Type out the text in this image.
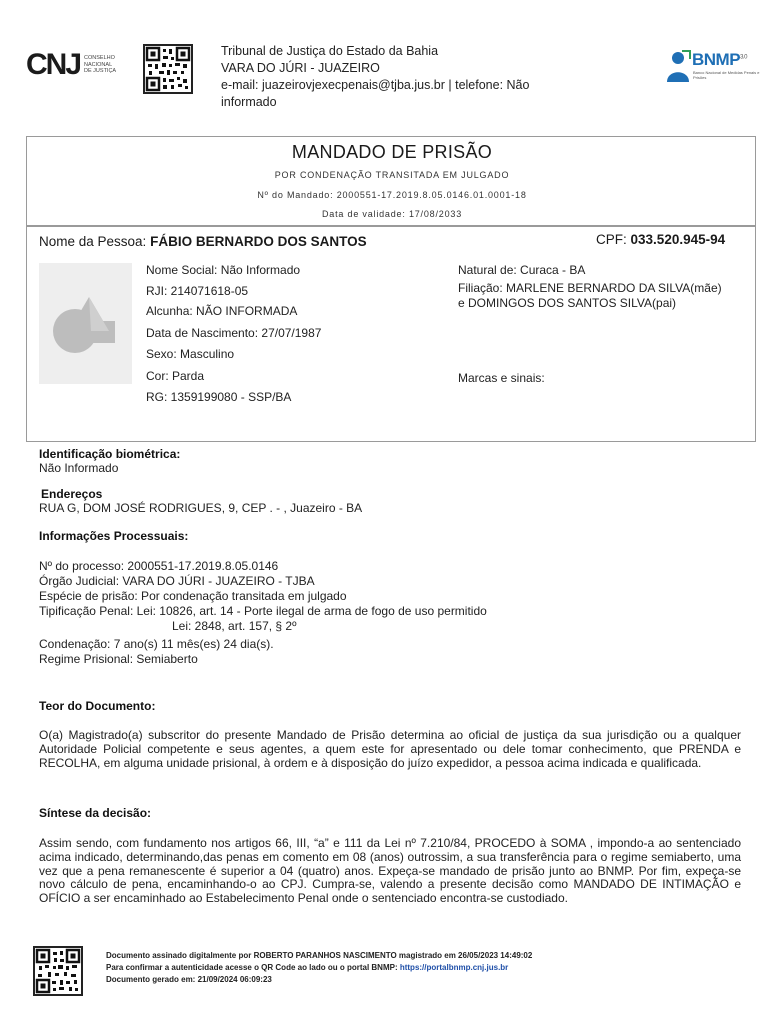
CNJ CONSELHO
NACIONAL
DE JUSTIÇA
Tribunal de Justiça do Estado da Bahia
VARA DO JÚRI - JUAZEIRO
e-mail: juazeirovjexecpenais@tjba.jus.br | telefone: Não
informado
$BNMP^{3.0}$
Banco Nacional de Medidas Penais e Prisões
MANDADO DE PRISÃO
POR CONDENAÇÃO TRANSITADA EM JULGADO
Nº do Mandado: 2000551-17.2019.8.05.0146.01.0001-18
Data de validade: 17/08/2033
Nome da Pessoa: FÁBIO BERNARDO DOS SANTOS	CPF: 033.520.945-94
Nome Social: Não Informado
RJI: 214071618-05
Alcunha: NÃO INFORMADA
Data de Nascimento: 27/07/1987
Sexo: Masculino
Cor: Parda
RG: 1359199080 - SSP/BA
Natural de: Curaca - BA
Filiação: MARLENE BERNARDO DA SILVA(mãe) e DOMINGOS DOS SANTOS SILVA(pai)
Marcas e sinais:
Identificação biométrica:
Não Informado
Endereços
RUA G, DOM JOSÉ RODRIGUES, 9, CEP . - , Juazeiro - BA
Informações Processuais:
Nº do processo: 2000551-17.2019.8.05.0146
Órgão Judicial: VARA DO JÚRI - JUAZEIRO - TJBA
Espécie de prisão: Por condenação transitada em julgado
Tipificação Penal: Lei: 10826, art. 14 - Porte ilegal de arma de fogo de uso permitido
Lei: 2848, art. 157, § 2º
Condenação: 7 ano(s) 11 mês(es) 24 dia(s).
Regime Prisional: Semiaberto
Teor do Documento:
O(a) Magistrado(a) subscritor do presente Mandado de Prisão determina ao oficial de justiça da sua jurisdição ou a qualquer Autoridade Policial competente e seus agentes, a quem este for apresentado ou dele tomar conhecimento, que PRENDA e RECOLHA, em alguma unidade prisional, à ordem e à disposição do juízo expedidor, a pessoa acima indicada e qualificada.
Síntese da decisão:
Assim sendo, com fundamento nos artigos 66, III, “a” e 111 da Lei nº 7.210/84, PROCEDO à SOMA , impondo-a ao sentenciado acima indicado, determinando,das penas em comento em 08 (anos) outrossim, a sua transferência para o regime semiaberto, uma vez que a pena remanescente é superior a 04 (quatro) anos. Expeça-se mandado de prisão junto ao BNMP. Por fim, expeça-se novo cálculo de pena, encaminhando-o ao CPJ. Cumpra-se, valendo a presente decisão como MANDADO DE INTIMAÇÃO e OFÍCIO a ser encaminhado ao Estabelecimento Penal onde o sentenciado encontra-se custodiado.
Documento assinado digitalmente por ROBERTO PARANHOS NASCIMENTO magistrado em 26/05/2023 14:49:02
Para confirmar a autenticidade acesse o QR Code ao lado ou o portal BNMP: https://portalbnmp.cnj.jus.br
Documento gerado em: 21/09/2024 06:09:23
